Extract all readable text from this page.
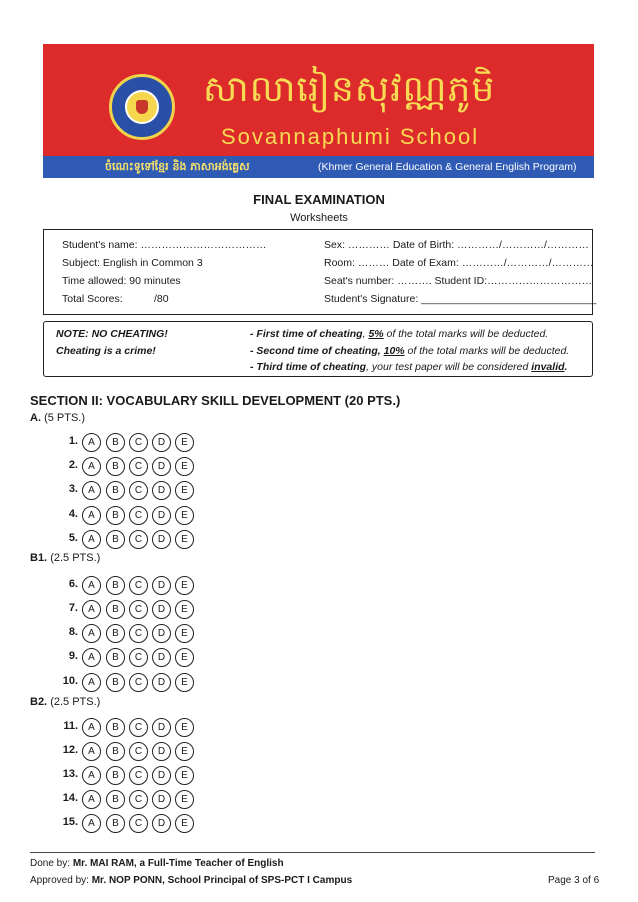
សាលារៀនសុវណ្ណភូមិ
Sovannaphumi School
ចំណេះទូទៅខ្មែរ និង ភាសាអង់គ្លេស	(Khmer General Education & General English Program)
FINAL EXAMINATION
Worksheets
Student's name: ………………………………
Subject: English in Common 3
Time allowed: 90 minutes
Total Scores:	/80
Sex: ………… Date of Birth: …………/…………/…………
Room: ……… Date of Exam: …………/…………/…………
Seat's number: ………. Student ID:…………………………
Student's Signature: ______________________________
NOTE: NO CHEATING!
Cheating is a crime!
- First time of cheating, 5% of the total marks will be deducted.
- Second time of cheating, 10% of the total marks will be deducted.
- Third time of cheating, your test paper will be considered invalid.
SECTION II: VOCABULARY SKILL DEVELOPMENT (20 PTS.)
A. (5 PTS.)
B1. (2.5 PTS.)
B2. (2.5 PTS.)
1.	A	B	C	D	E
2.	A	B	C	D	E
3.	A	B	C	D	E
4.	A	B	C	D	E
5.	A	B	C	D	E
6.	A	B	C	D	E
7.	A	B	C	D	E
8.	A	B	C	D	E
9.	A	B	C	D	E
10.	A	B	C	D	E
11.	A	B	C	D	E
12.	A	B	C	D	E
13.	A	B	C	D	E
14.	A	B	C	D	E
15.	A	B	C	D	E
Done by: Mr. MAI RAM, a Full-Time Teacher of English
Approved by: Mr. NOP PONN, School Principal of SPS-PCT I Campus	Page 3 of 6
